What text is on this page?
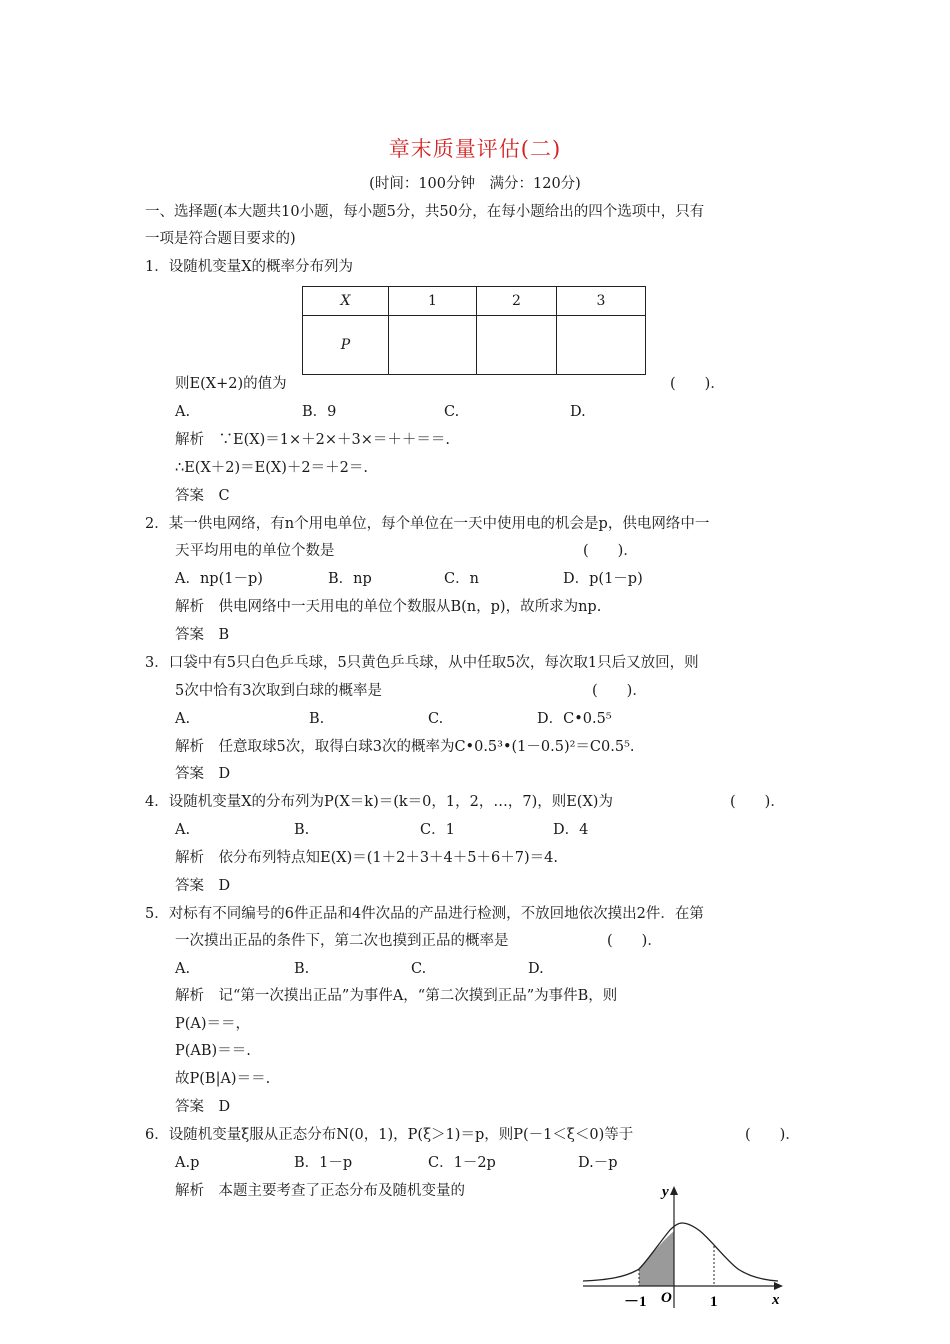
章末质量评估(二)
(时间：100分钟　满分：120分)
一、选择题(本大题共10小题，每小题5分，共50分，在每小题给出的四个选项中，只有
一项是符合题目要求的)
1．设随机变量X的概率分布列为
X	1	2	3
P			
则E(X+2)的值为	(　　)．
A.	B．9	C.	D.
解析　∵E(X)＝1×＋2×＋3×＝＋＋＝＝.
∴E(X＋2)＝E(X)＋2＝＋2＝.
答案　C
2．某一供电网络，有n个用电单位，每个单位在一天中使用电的机会是p，供电网络中一
天平均用电的单位个数是	(　　)．
A．np(1－p)	B．np	C．n	D．p(1－p)
解析　供电网络中一天用电的单位个数服从B(n，p)，故所求为np.
答案　B
3．口袋中有5只白色乒乓球，5只黄色乒乓球，从中任取5次，每次取1只后又放回，则
5次中恰有3次取到白球的概率是	(　　)．
A.	B.	C.	D．C•0.5⁵
解析　任意取球5次，取得白球3次的概率为C•0.5³•(1－0.5)²＝C0.5⁵.
答案　D
4．设随机变量X的分布列为P(X＝k)＝(k＝0，1，2，…，7)，则E(X)为	(　　)．
A.	B.	C．1	D．4
解析　依分布列特点知E(X)＝(1＋2＋3＋4＋5＋6＋7)＝4.
答案　D
5．对标有不同编号的6件正品和4件次品的产品进行检测，不放回地依次摸出2件．在第
一次摸出正品的条件下，第二次也摸到正品的概率是	(　　)．
A.	B.	C.	D.
解析　记“第一次摸出正品”为事件A，“第二次摸到正品”为事件B，则
P(A)＝＝，
P(AB)＝＝.
故P(B|A)＝＝.
答案　D
6．设随机变量ξ服从正态分布N(0，1)，P(ξ＞1)＝p，则P(－1＜ξ＜0)等于	(　　)．
A.p	B．1－p	C．1－2p	D.－p
解析　本题主要考查了正态分布及随机变量的	y
x
O
－1	1
